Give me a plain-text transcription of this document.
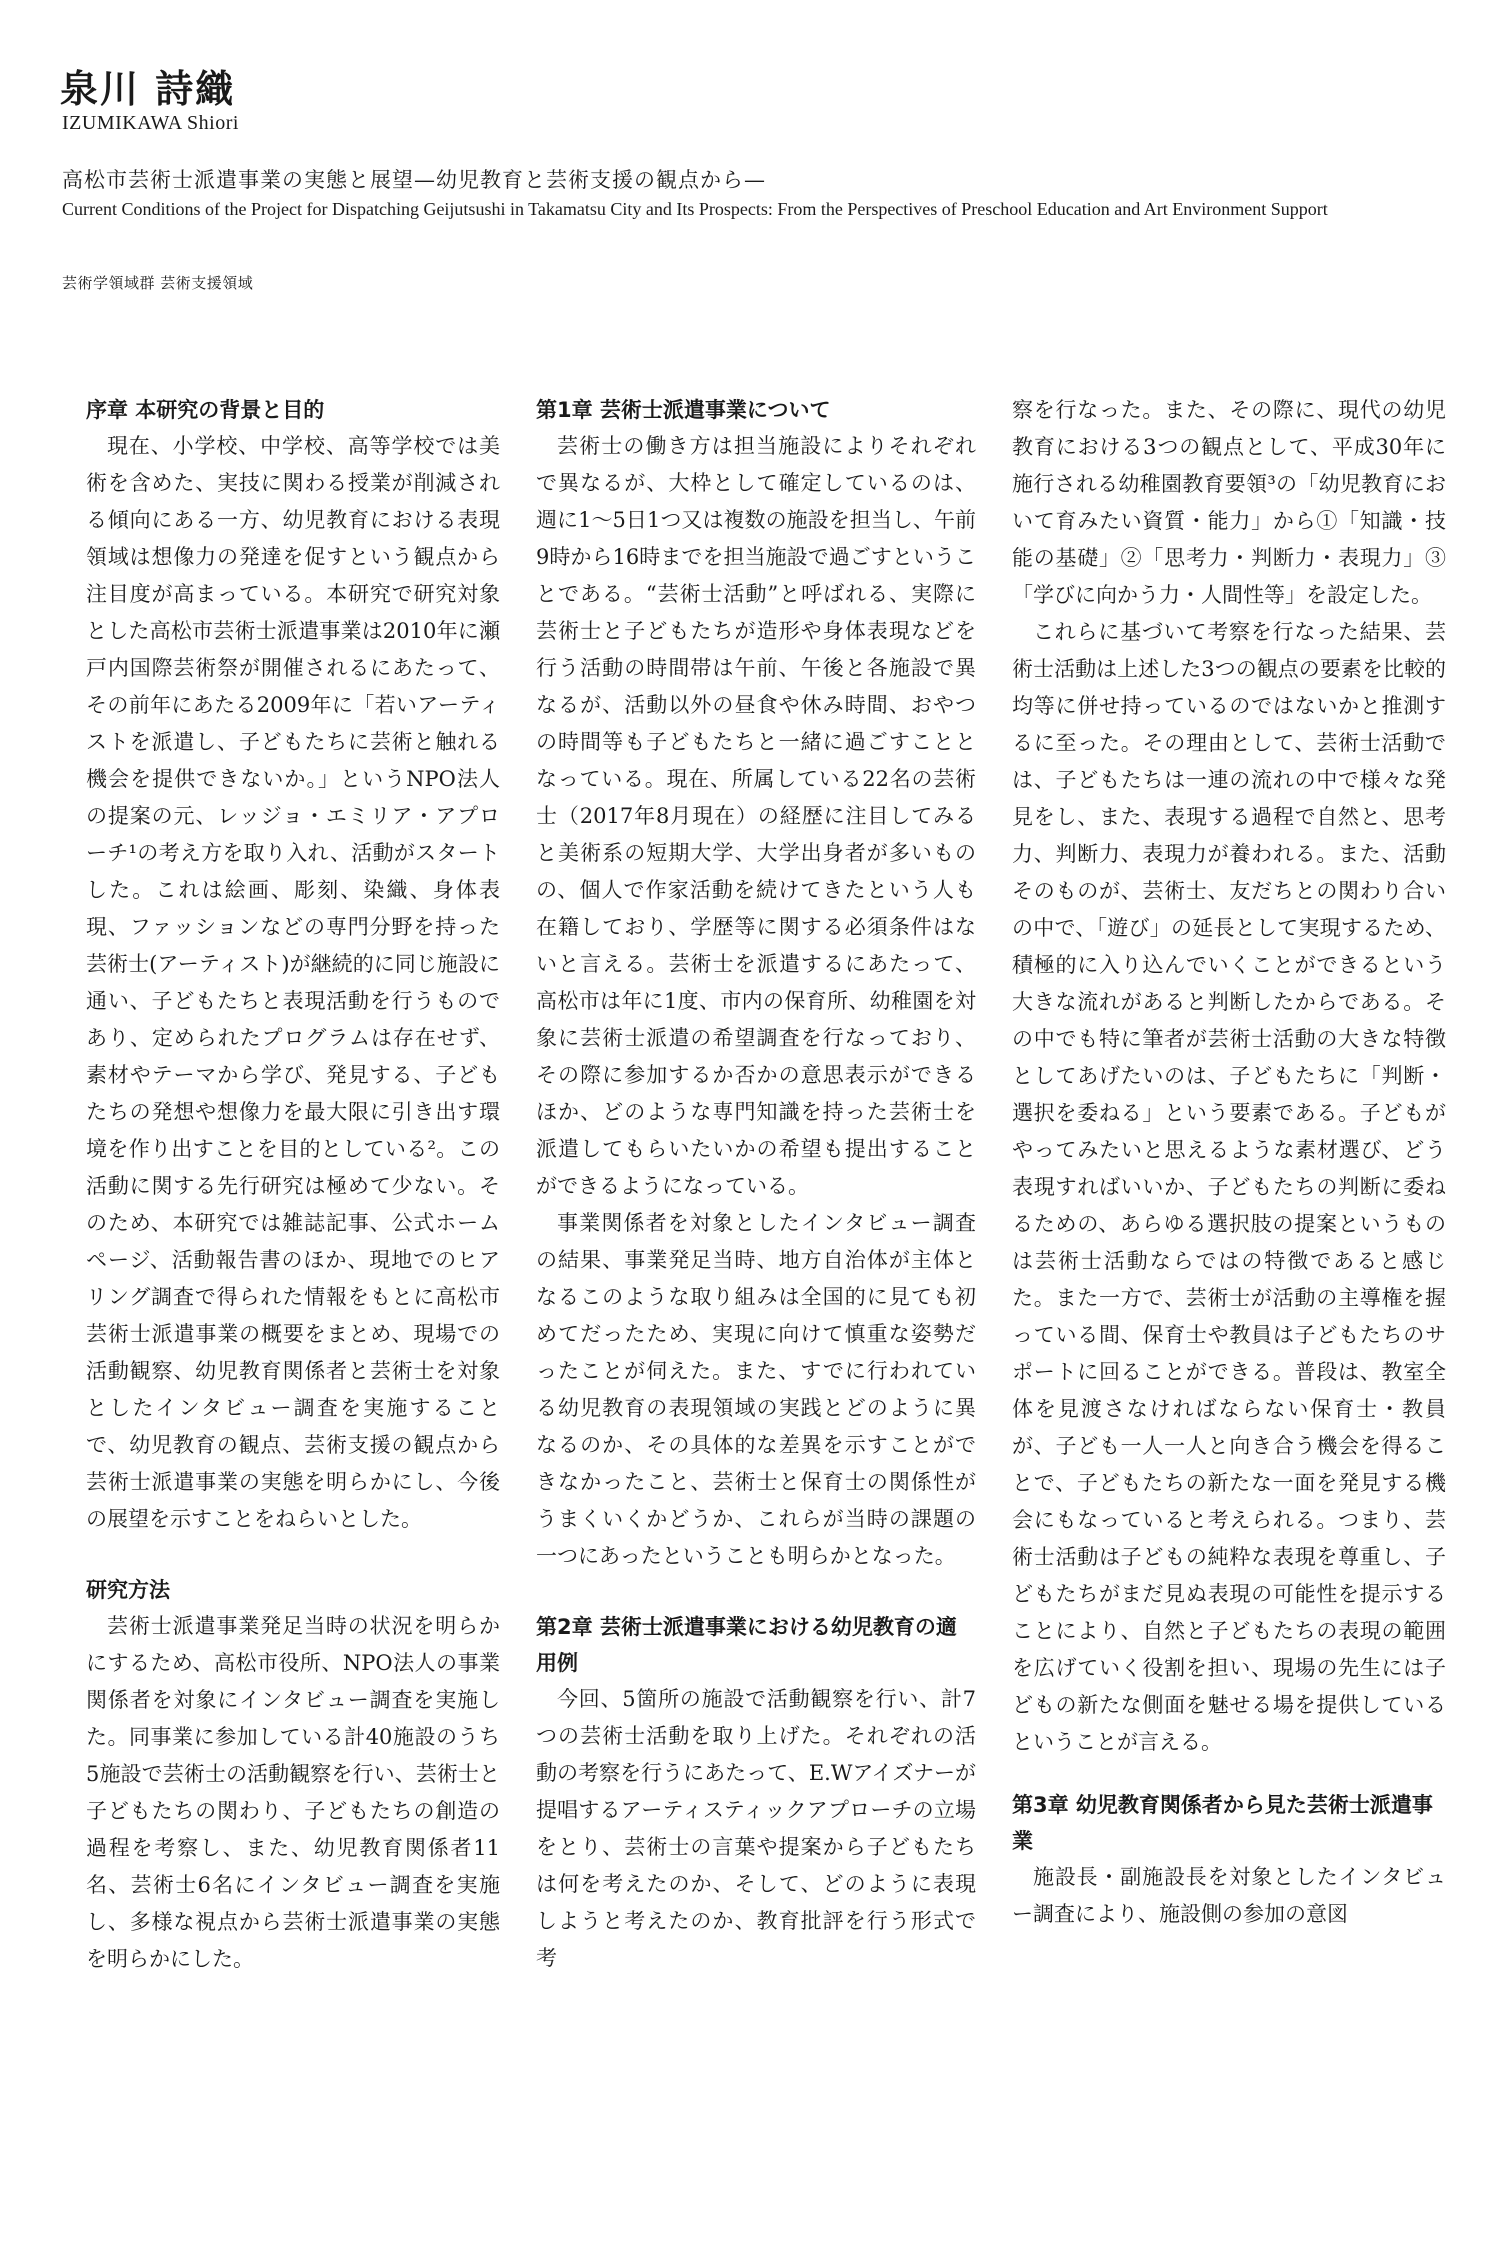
泉川 詩織
IZUMIKAWA Shiori
高松市芸術士派遣事業の実態と展望—幼児教育と芸術支援の観点から—
Current Conditions of the Project for Dispatching Geijutsushi in Takamatsu City and Its Prospects: From the Perspectives of Preschool Education and Art Environment Support
芸術学領域群 芸術支援領域
序章 本研究の背景と目的

現在、小学校、中学校、高等学校では美術を含めた、実技に関わる授業が削減される傾向にある一方、幼児教育における表現領域は想像力の発達を促すという観点から注目度が高まっている。本研究で研究対象とした高松市芸術士派遣事業は2010年に瀬戸内国際芸術祭が開催されるにあたって、その前年にあたる2009年に「若いアーティストを派遣し、子どもたちに芸術と触れる機会を提供できないか。」というNPO法人の提案の元、レッジョ・エミリア・アプローチ¹の考え方を取り入れ、活動がスタートした。これは絵画、彫刻、染織、身体表現、ファッションなどの専門分野を持った芸術士(アーティスト)が継続的に同じ施設に通い、子どもたちと表現活動を行うものであり、定められたプログラムは存在せず、素材やテーマから学び、発見する、子どもたちの発想や想像力を最大限に引き出す環境を作り出すことを目的としている²。この活動に関する先行研究は極めて少ない。そのため、本研究では雑誌記事、公式ホームページ、活動報告書のほか、現地でのヒアリング調査で得られた情報をもとに高松市芸術士派遣事業の概要をまとめ、現場での活動観察、幼児教育関係者と芸術士を対象としたインタビュー調査を実施することで、幼児教育の観点、芸術支援の観点から芸術士派遣事業の実態を明らかにし、今後の展望を示すことをねらいとした。

研究方法

芸術士派遣事業発足当時の状況を明らかにするため、高松市役所、NPO法人の事業関係者を対象にインタビュー調査を実施した。同事業に参加している計40施設のうち5施設で芸術士の活動観察を行い、芸術士と子どもたちの関わり、子どもたちの創造の過程を考察し、また、幼児教育関係者11名、芸術士6名にインタビュー調査を実施し、多様な視点から芸術士派遣事業の実態を明らかにした。

第1章 芸術士派遣事業について

芸術士の働き方は担当施設によりそれぞれで異なるが、大枠として確定しているのは、週に1〜5日1つ又は複数の施設を担当し、午前9時から16時までを担当施設で過ごすということである。“芸術士活動”と呼ばれる、実際に芸術士と子どもたちが造形や身体表現などを行う活動の時間帯は午前、午後と各施設で異なるが、活動以外の昼食や休み時間、おやつの時間等も子どもたちと一緒に過ごすこととなっている。現在、所属している22名の芸術士（2017年8月現在）の経歴に注目してみると美術系の短期大学、大学出身者が多いものの、個人で作家活動を続けてきたという人も在籍しており、学歴等に関する必須条件はないと言える。芸術士を派遣するにあたって、高松市は年に1度、市内の保育所、幼稚園を対象に芸術士派遣の希望調査を行なっており、その際に参加するか否かの意思表示ができるほか、どのような専門知識を持った芸術士を派遣してもらいたいかの希望も提出することができるようになっている。

事業関係者を対象としたインタビュー調査の結果、事業発足当時、地方自治体が主体となるこのような取り組みは全国的に見ても初めてだったため、実現に向けて慎重な姿勢だったことが伺えた。また、すでに行われている幼児教育の表現領域の実践とどのように異なるのか、その具体的な差異を示すことができなかったこと、芸術士と保育士の関係性がうまくいくかどうか、これらが当時の課題の一つにあったということも明らかとなった。

第2章 芸術士派遣事業における幼児教育の適用例

今回、5箇所の施設で活動観察を行い、計7つの芸術士活動を取り上げた。それぞれの活動の考察を行うにあたって、E.Wアイズナーが提唱するアーティスティックアプローチの立場をとり、芸術士の言葉や提案から子どもたちは何を考えたのか、そして、どのように表現しようと考えたのか、教育批評を行う形式で考

察を行なった。また、その際に、現代の幼児教育における3つの観点として、平成30年に施行される幼稚園教育要領³の「幼児教育において育みたい資質・能力」から①「知識・技能の基礎」②「思考力・判断力・表現力」③「学びに向かう力・人間性等」を設定した。

これらに基づいて考察を行なった結果、芸術士活動は上述した3つの観点の要素を比較的均等に併せ持っているのではないかと推測するに至った。その理由として、芸術士活動では、子どもたちは一連の流れの中で様々な発見をし、また、表現する過程で自然と、思考力、判断力、表現力が養われる。また、活動そのものが、芸術士、友だちとの関わり合いの中で、「遊び」の延長として実現するため、積極的に入り込んでいくことができるという大きな流れがあると判断したからである。その中でも特に筆者が芸術士活動の大きな特徴としてあげたいのは、子どもたちに「判断・選択を委ねる」という要素である。子どもがやってみたいと思えるような素材選び、どう表現すればいいか、子どもたちの判断に委ねるための、あらゆる選択肢の提案というものは芸術士活動ならではの特徴であると感じた。また一方で、芸術士が活動の主導権を握っている間、保育士や教員は子どもたちのサポートに回ることができる。普段は、教室全体を見渡さなければならない保育士・教員が、子ども一人一人と向き合う機会を得ることで、子どもたちの新たな一面を発見する機会にもなっていると考えられる。つまり、芸術士活動は子どもの純粋な表現を尊重し、子どもたちがまだ見ぬ表現の可能性を提示することにより、自然と子どもたちの表現の範囲を広げていく役割を担い、現場の先生には子どもの新たな側面を魅せる場を提供しているということが言える。

第3章 幼児教育関係者から見た芸術士派遣事業

施設長・副施設長を対象としたインタビュー調査により、施設側の参加の意図
